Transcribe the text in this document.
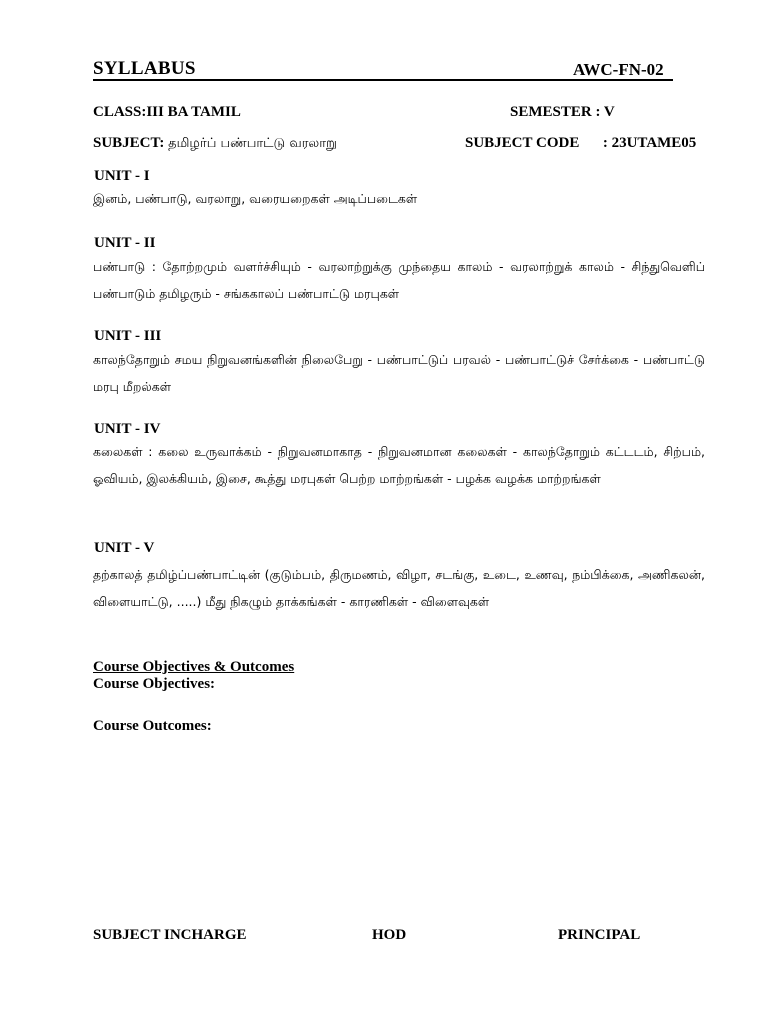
SYLLABUS	AWC-FN-02
CLASS:III BA TAMIL	SEMESTER : V
SUBJECT: தமிழர்ப் பண்பாட்டு வரலாறு	SUBJECT CODE : 23UTAME05
UNIT - I
இனம், பண்பாடு, வரலாறு, வரையறைகள் அடிப்படைகள்
UNIT - II
பண்பாடு : தோற்றமும் வளர்ச்சியும் - வரலாற்றுக்கு முந்தைய காலம் - வரலாற்றுக் காலம் - சிந்துவெளிப் பண்பாடும் தமிழரும் - சங்ககாலப் பண்பாட்டு மரபுகள்
UNIT - III
காலந்தோறும் சமய நிறுவனங்களின் நிலைபேறு - பண்பாட்டுப் பரவல் - பண்பாட்டுச் சேர்க்கை - பண்பாட்டு மரபு மீறல்கள்
UNIT - IV
கலைகள் : கலை உருவாக்கம் - நிறுவனமாகாத - நிறுவனமான கலைகள் - காலந்தோறும் கட்டடம், சிற்பம், ஓவியம், இலக்கியம், இசை, கூத்து மரபுகள் பெற்ற மாற்றங்கள் - பழக்க வழக்க மாற்றங்கள்
UNIT - V
தற்காலத் தமிழ்ப்பண்பாட்டின் (குடும்பம், திருமணம், விழா, சடங்கு, உடை, உணவு, நம்பிக்கை, அணிகலன், விளையாட்டு, .....) மீது நிகழும் தாக்கங்கள் - காரணிகள் - விளைவுகள்
Course Objectives & Outcomes
Course Objectives:
Course Outcomes:
SUBJECT INCHARGE	HOD	PRINCIPAL
